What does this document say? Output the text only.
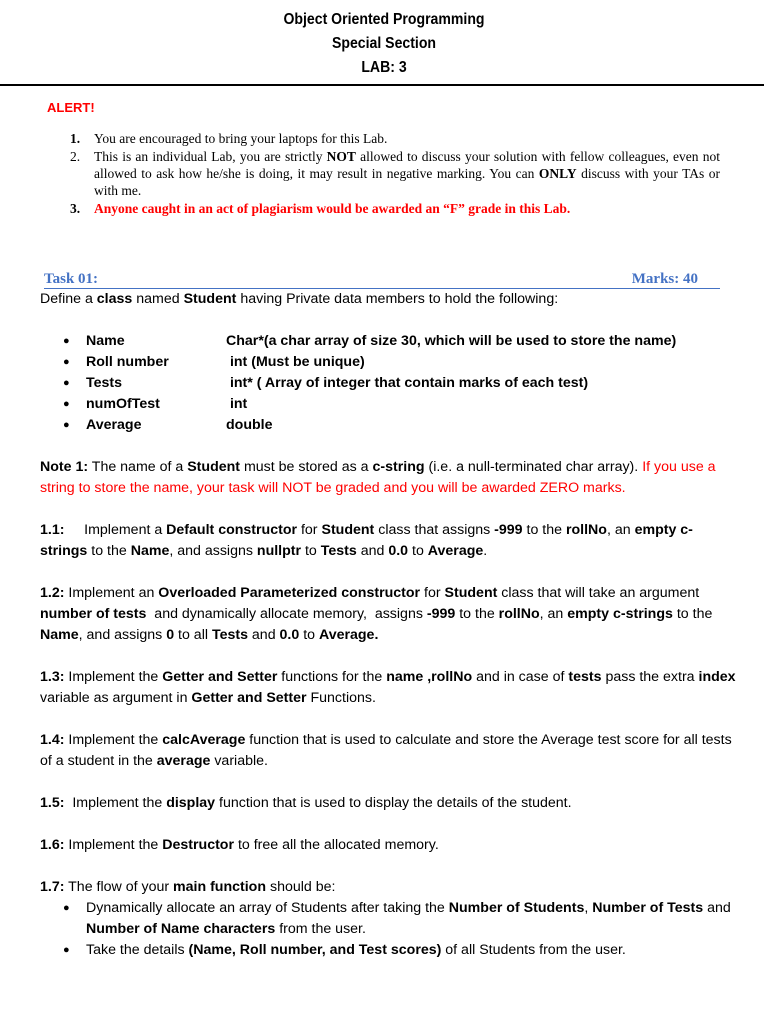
Object Oriented Programming
Special Section
LAB: 3
ALERT!
1. You are encouraged to bring your laptops for this Lab.
2. This is an individual Lab, you are strictly NOT allowed to discuss your solution with fellow colleagues, even not allowed to ask how he/she is doing, it may result in negative marking. You can ONLY discuss with your TAs or with me.
3. Anyone caught in an act of plagiarism would be awarded an “F” grade in this Lab.
Task 01:	Marks: 40

Define a class named Student having Private data members to hold the following:

● Name	Char*(a char array of size 30, which will be used to store the name)
● Roll number	int (Must be unique)
● Tests	int* ( Array of integer that contain marks of each test)
● numOfTest	int
● Average	double

Note 1: The name of a Student must be stored as a c-string (i.e. a null-terminated char array). If you use a string to store the name, your task will NOT be graded and you will be awarded ZERO marks.

1.1:     Implement a Default constructor for Student class that assigns -999 to the rollNo, an empty c-strings to the Name, and assigns nullptr to Tests and 0.0 to Average.

1.2: Implement an Overloaded Parameterized constructor for Student class that will take an argument number of tests  and dynamically allocate memory,  assigns -999 to the rollNo, an empty c-strings to the Name, and assigns 0 to all Tests and 0.0 to Average.

1.3: Implement the Getter and Setter functions for the name ,rollNo and in case of tests pass the extra index variable as argument in Getter and Setter Functions.

1.4: Implement the calcAverage function that is used to calculate and store the Average test score for all tests of a student in the average variable.

1.5:  Implement the display function that is used to display the details of the student.

1.6: Implement the Destructor to free all the allocated memory.

1.7: The flow of your main function should be:

● Dynamically allocate an array of Students after taking the Number of Students, Number of Tests and Number of Name characters from the user.
● Take the details (Name, Roll number, and Test scores) of all Students from the user.
